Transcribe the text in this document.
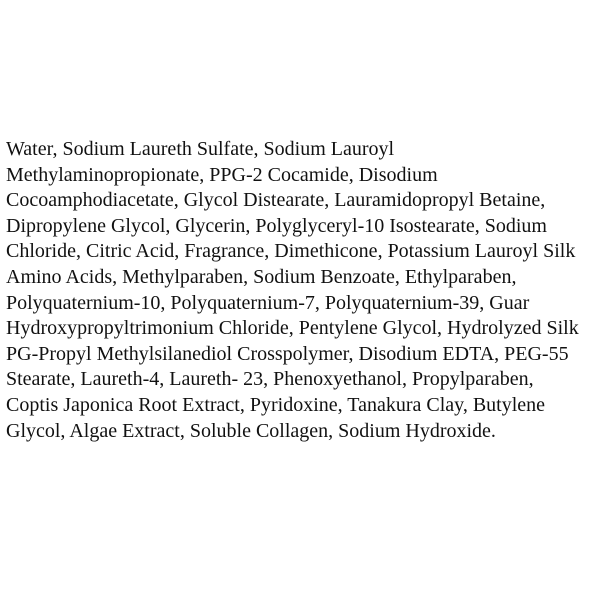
Water, Sodium Laureth Sulfate, Sodium Lauroyl
Methylaminopropionate, PPG-2 Cocamide, Disodium
Cocoamphodiacetate, Glycol Distearate, Lauramidopropyl Betaine,
Dipropylene Glycol, Glycerin, Polyglyceryl-10 Isostearate, Sodium
Chloride, Citric Acid, Fragrance, Dimethicone, Potassium Lauroyl Silk
Amino Acids, Methylparaben, Sodium Benzoate, Ethylparaben,
Polyquaternium-10, Polyquaternium-7, Polyquaternium-39, Guar
Hydroxypropyltrimonium Chloride, Pentylene Glycol, Hydrolyzed Silk
PG-Propyl Methylsilanediol Crosspolymer, Disodium EDTA, PEG-55
Stearate, Laureth-4, Laureth- 23, Phenoxyethanol, Propylparaben,
Coptis Japonica Root Extract, Pyridoxine, Tanakura Clay, Butylene
Glycol, Algae Extract, Soluble Collagen, Sodium Hydroxide.
